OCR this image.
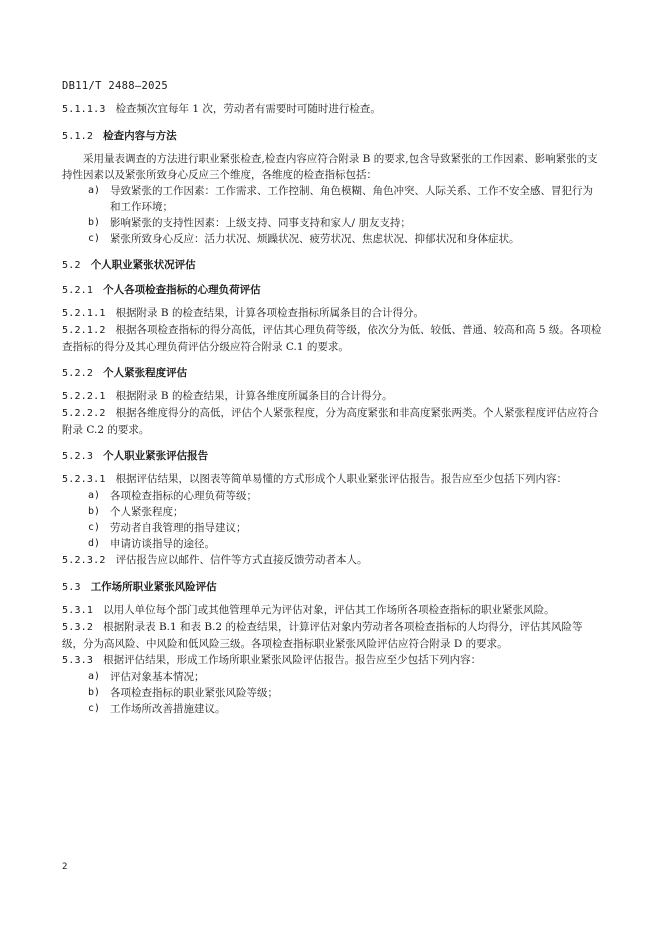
DB11/T 2488—2025
5.1.1.3 检查频次宜每年 1 次，劳动者有需要时可随时进行检查。
5.1.2 检查内容与方法
采用量表调查的方法进行职业紧张检查,检查内容应符合附录 B 的要求,包含导致紧张的工作因素、影响紧张的支持性因素以及紧张所致身心反应三个维度，各维度的检查指标包括：
a) 导致紧张的工作因素：工作需求、工作控制、角色模糊、角色冲突、人际关系、工作不安全感、冒犯行为和工作环境；
b) 影响紧张的支持性因素：上级支持、同事支持和家人/ 朋友支持；
c) 紧张所致身心反应：活力状况、烦躁状况、疲劳状况、焦虑状况、抑郁状况和身体症状。
5.2 个人职业紧张状况评估
5.2.1 个人各项检查指标的心理负荷评估
5.2.1.1 根据附录 B 的检查结果，计算各项检查指标所属条目的合计得分。
5.2.1.2 根据各项检查指标的得分高低，评估其心理负荷等级，依次分为低、较低、普通、较高和高 5 级。各项检查指标的得分及其心理负荷评估分级应符合附录 C.1 的要求。
5.2.2 个人紧张程度评估
5.2.2.1 根据附录 B 的检查结果，计算各维度所属条目的合计得分。
5.2.2.2 根据各维度得分的高低，评估个人紧张程度，分为高度紧张和非高度紧张两类。个人紧张程度评估应符合附录 C.2 的要求。
5.2.3 个人职业紧张评估报告
5.2.3.1 根据评估结果，以图表等简单易懂的方式形成个人职业紧张评估报告。报告应至少包括下列内容：
a) 各项检查指标的心理负荷等级；
b) 个人紧张程度；
c) 劳动者自我管理的指导建议；
d) 申请访谈指导的途径。
5.2.3.2 评估报告应以邮件、信件等方式直接反馈劳动者本人。
5.3 工作场所职业紧张风险评估
5.3.1 以用人单位每个部门或其他管理单元为评估对象，评估其工作场所各项检查指标的职业紧张风险。
5.3.2 根据附录表 B.1 和表 B.2 的检查结果，计算评估对象内劳动者各项检查指标的人均得分，评估其风险等级，分为高风险、中风险和低风险三级。各项检查指标职业紧张风险评估应符合附录 D 的要求。
5.3.3 根据评估结果，形成工作场所职业紧张风险评估报告。报告应至少包括下列内容：
a) 评估对象基本情况；
b) 各项检查指标的职业紧张风险等级；
c) 工作场所改善措施建议。
2
